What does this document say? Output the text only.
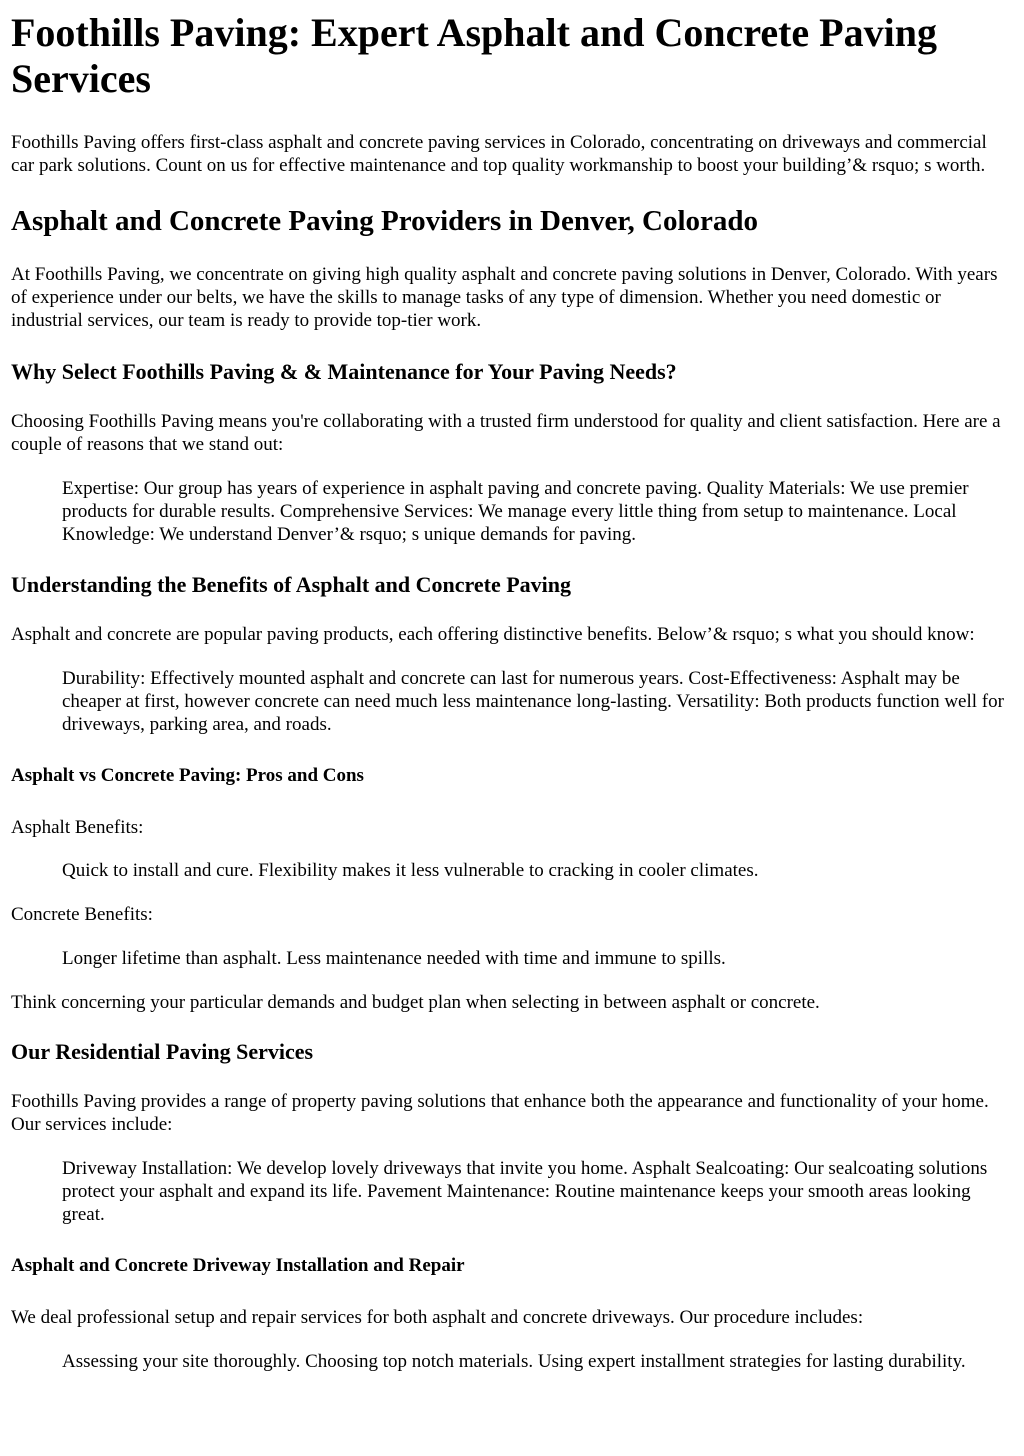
Foothills Paving: Expert Asphalt and Concrete Paving Services

Foothills Paving offers first-class asphalt and concrete paving services in Colorado, concentrating on driveways and commercial car park solutions. Count on us for effective maintenance and top quality workmanship to boost your building’& rsquo; s worth.

Asphalt and Concrete Paving Providers in Denver, Colorado

At Foothills Paving, we concentrate on giving high quality asphalt and concrete paving solutions in Denver, Colorado. With years of experience under our belts, we have the skills to manage tasks of any type of dimension. Whether you need domestic or industrial services, our team is ready to provide top-tier work.

Why Select Foothills Paving & & Maintenance for Your Paving Needs?

Choosing Foothills Paving means you're collaborating with a trusted firm understood for quality and client satisfaction. Here are a couple of reasons that we stand out:

Expertise: Our group has years of experience in asphalt paving and concrete paving. Quality Materials: We use premier products for durable results. Comprehensive Services: We manage every little thing from setup to maintenance. Local Knowledge: We understand Denver’& rsquo; s unique demands for paving.
Understanding the Benefits of Asphalt and Concrete Paving

Asphalt and concrete are popular paving products, each offering distinctive benefits. Below’& rsquo; s what you should know:

Durability: Effectively mounted asphalt and concrete can last for numerous years. Cost-Effectiveness: Asphalt may be cheaper at first, however concrete can need much less maintenance long-lasting. Versatility: Both products function well for driveways, parking area, and roads.
Asphalt vs Concrete Paving: Pros and Cons

Asphalt Benefits:

Quick to install and cure. Flexibility makes it less vulnerable to cracking in cooler climates.

Concrete Benefits:

Longer lifetime than asphalt. Less maintenance needed with time and immune to spills.

Think concerning your particular demands and budget plan when selecting in between asphalt or concrete.

Our Residential Paving Services

Foothills Paving provides a range of property paving solutions that enhance both the appearance and functionality of your home. Our services include:

Driveway Installation: We develop lovely driveways that invite you home. Asphalt Sealcoating: Our sealcoating solutions protect your asphalt and expand its life. Pavement Maintenance: Routine maintenance keeps your smooth areas looking great.
Asphalt and Concrete Driveway Installation and Repair

We deal professional setup and repair services for both asphalt and concrete driveways. Our procedure includes:

Assessing your site thoroughly. Choosing top notch materials. Using expert installment strategies for lasting durability.
